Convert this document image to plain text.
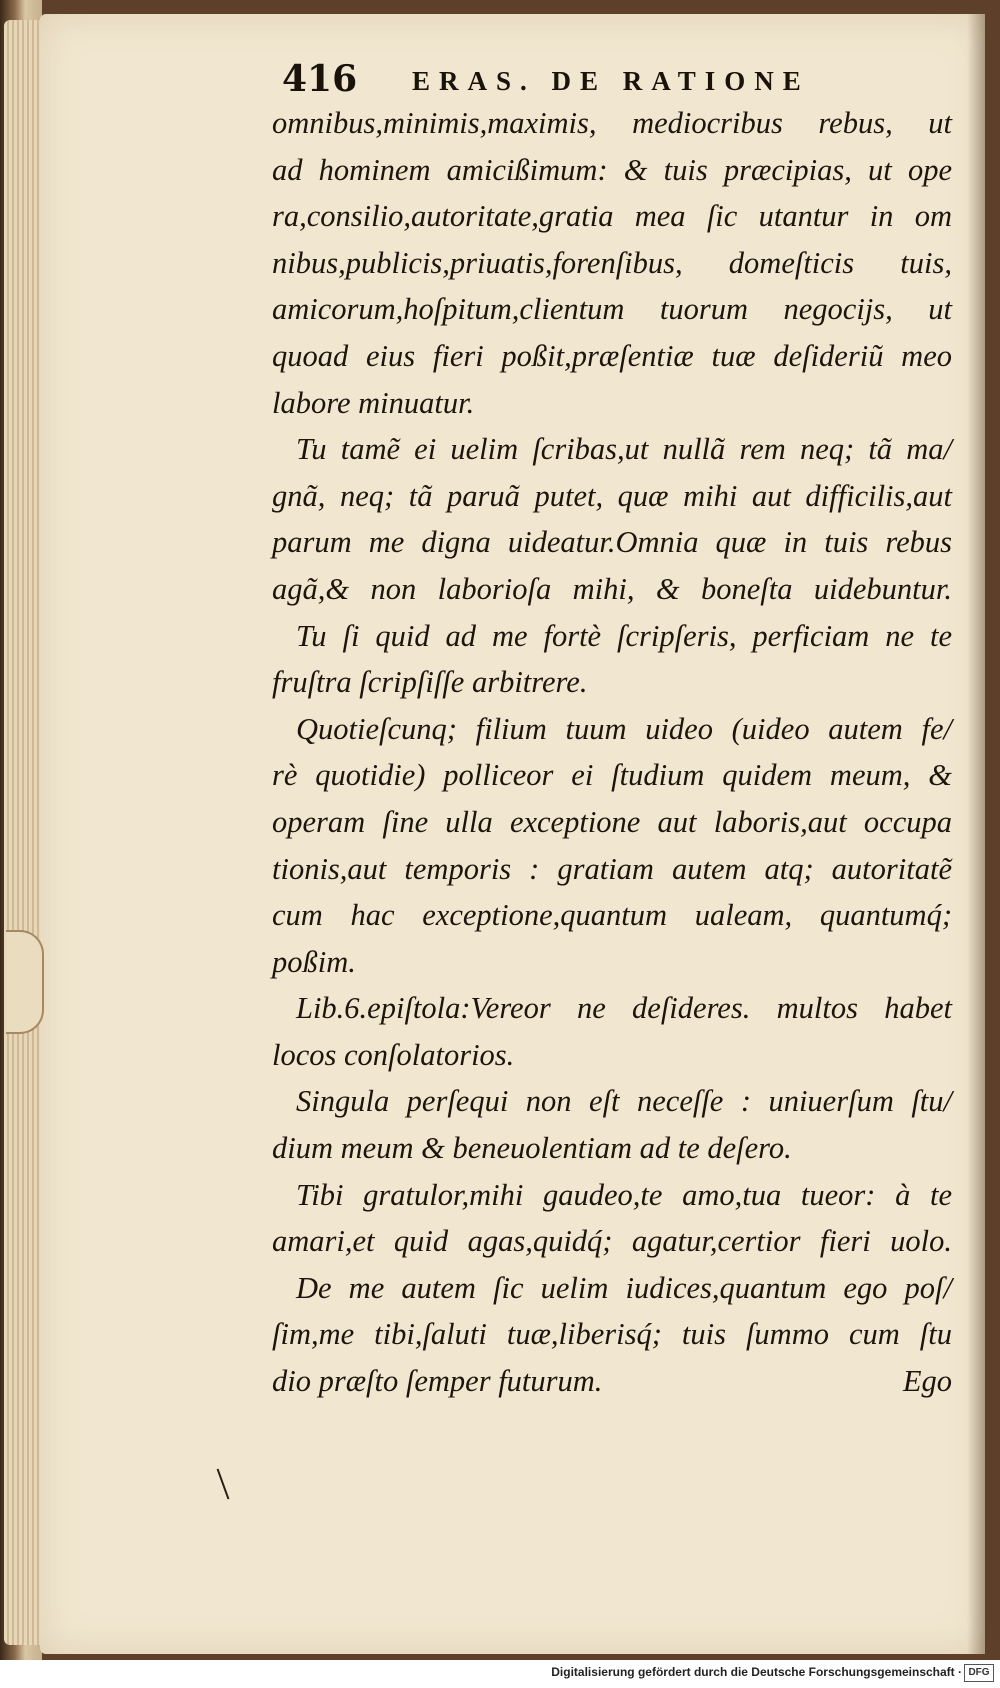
416 ERAS. DE RATIONE
omnibus,minimis,maximis, mediocribus rebus, ut
ad hominem amicißimum: & tuis præcipias, ut ope
ra,consilio,autoritate,gratia mea ſic utantur in om
nibus,publicis,priuatis,forenſibus, domeſticis tuis,
amicorum,hoſpitum,clientum tuorum negocijs, ut
quoad eius fieri poßit,præſentiæ tuæ deſideriũ meo
labore minuatur.
Tu tamẽ ei uelim ſcribas,ut nullã rem neq; tã ma/
gnã, neq; tã paruã putet, quæ mihi aut difficilis,aut
parum me digna uideatur.Omnia quæ in tuis rebus
agã,& non laborioſa mihi, & boneſta uidebuntur.
Tu ſi quid ad me fortè ſcripſeris, perficiam ne te
fruſtra ſcripſiſſe arbitrere.
Quotieſcunq; filium tuum uideo (uideo autem fe/
rè quotidie) polliceor ei ſtudium quidem meum, &
operam ſine ulla exceptione aut laboris,aut occupa
tionis,aut temporis : gratiam autem atq; autoritatẽ
cum hac exceptione,quantum ualeam, quantumq́;
poßim.
Lib.6.epiſtola:Vereor ne deſideres. multos habet
locos conſolatorios.
Singula perſequi non eſt neceſſe : uniuerſum ſtu/
dium meum & beneuolentiam ad te deſero.
Tibi gratulor,mihi gaudeo,te amo,tua tueor: à te
amari,et quid agas,quidq́; agatur,certior fieri uolo.
De me autem ſic uelim iudices,quantum ego poſ/
ſim,me tibi,ſaluti tuæ,liberisq́; tuis ſummo cum ſtu
dio præſto ſemper futurum.	Ego
Digitalisierung gefördert durch die Deutsche Forschungsgemeinschaft · DFG
